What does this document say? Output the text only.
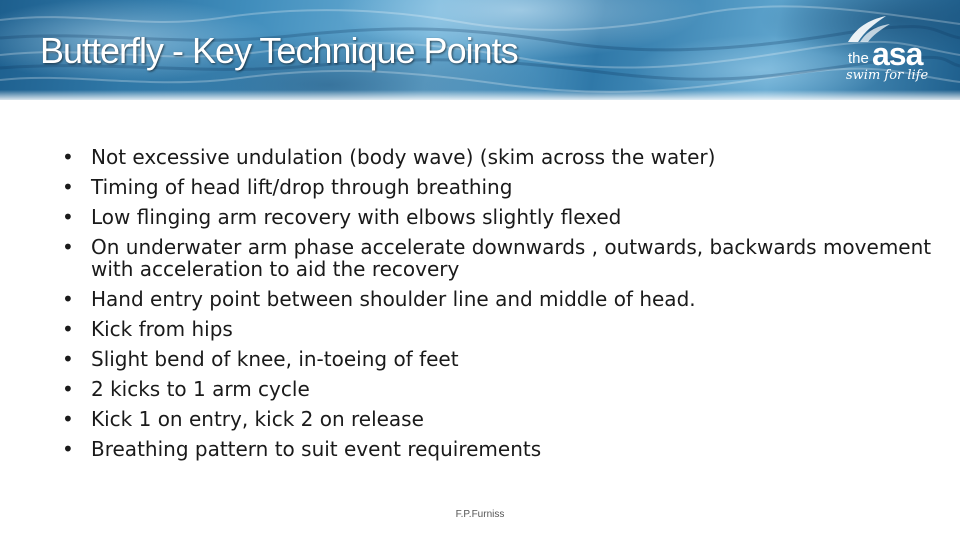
Butterfly - Key Technique Points	the asa
swim for life
• Not excessive undulation (body wave) (skim across the water)
• Timing of head lift/drop through breathing
• Low flinging arm recovery with elbows slightly flexed
• On underwater arm phase accelerate downwards , outwards, backwards movement with acceleration to aid the recovery
• Hand entry point between shoulder line and middle of head.
• Kick from hips
• Slight bend of knee, in-toeing of feet
• 2 kicks to 1 arm cycle
• Kick 1 on entry, kick 2 on release
• Breathing pattern to suit event requirements
F.P.Furniss
